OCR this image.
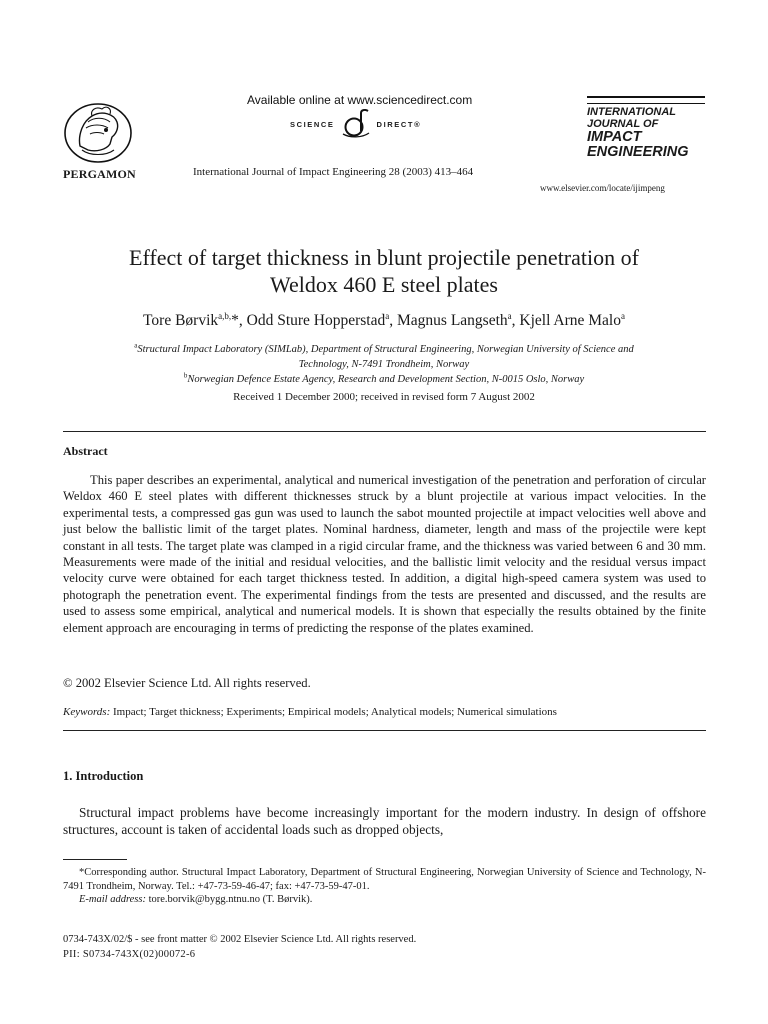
PERGAMON
Available online at www.sciencedirect.com
SCIENCE	DIRECT ®
International Journal of Impact Engineering 28 (2003) 413–464
INTERNATIONAL
JOURNAL OF
IMPACT
ENGINEERING
www.elsevier.com/locate/ijimpeng
Effect of target thickness in blunt projectile penetration of
Weldox 460 E steel plates
Tore Børvik$^{a,b,}$*, Odd Sture Hopperstad$^a$, Magnus Langseth$^a$, Kjell Arne Malo$^a$
$^a$Structural Impact Laboratory (SIMLab), Department of Structural Engineering, Norwegian University of Science and
Technology, N-7491 Trondheim, Norway
$^b$Norwegian Defence Estate Agency, Research and Development Section, N-0015 Oslo, Norway
Received 1 December 2000; received in revised form 7 August 2002
Abstract

This paper describes an experimental, analytical and numerical investigation of the penetration and perforation of circular Weldox 460 E steel plates with different thicknesses struck by a blunt projectile at various impact velocities. In the experimental tests, a compressed gas gun was used to launch the sabot mounted projectile at impact velocities well above and just below the ballistic limit of the target plates. Nominal hardness, diameter, length and mass of the projectile were kept constant in all tests. The target plate was clamped in a rigid circular frame, and the thickness was varied between 6 and 30 mm. Measurements were made of the initial and residual velocities, and the ballistic limit velocity and the residual versus impact velocity curve were obtained for each target thickness tested. In addition, a digital high-speed camera system was used to photograph the penetration event. The experimental findings from the tests are presented and discussed, and the results are used to assess some empirical, analytical and numerical models. It is shown that especially the results obtained by the finite element approach are encouraging in terms of predicting the response of the plates examined.

© 2002 Elsevier Science Ltd. All rights reserved.
Keywords: Impact; Target thickness; Experiments; Empirical models; Analytical models; Numerical simulations
1. Introduction

Structural impact problems have become increasingly important for the modern industry. In design of offshore structures, account is taken of accidental loads such as dropped objects,

*Corresponding author. Structural Impact Laboratory, Department of Structural Engineering, Norwegian University of Science and Technology, N-7491 Trondheim, Norway. Tel.: +47-73-59-46-47; fax: +47-73-59-47-01.

E-mail address: tore.borvik@bygg.ntnu.no (T. Børvik).
0734-743X/02/$ - see front matter © 2002 Elsevier Science Ltd. All rights reserved.
PII: S0734-743X(02)00072-6
